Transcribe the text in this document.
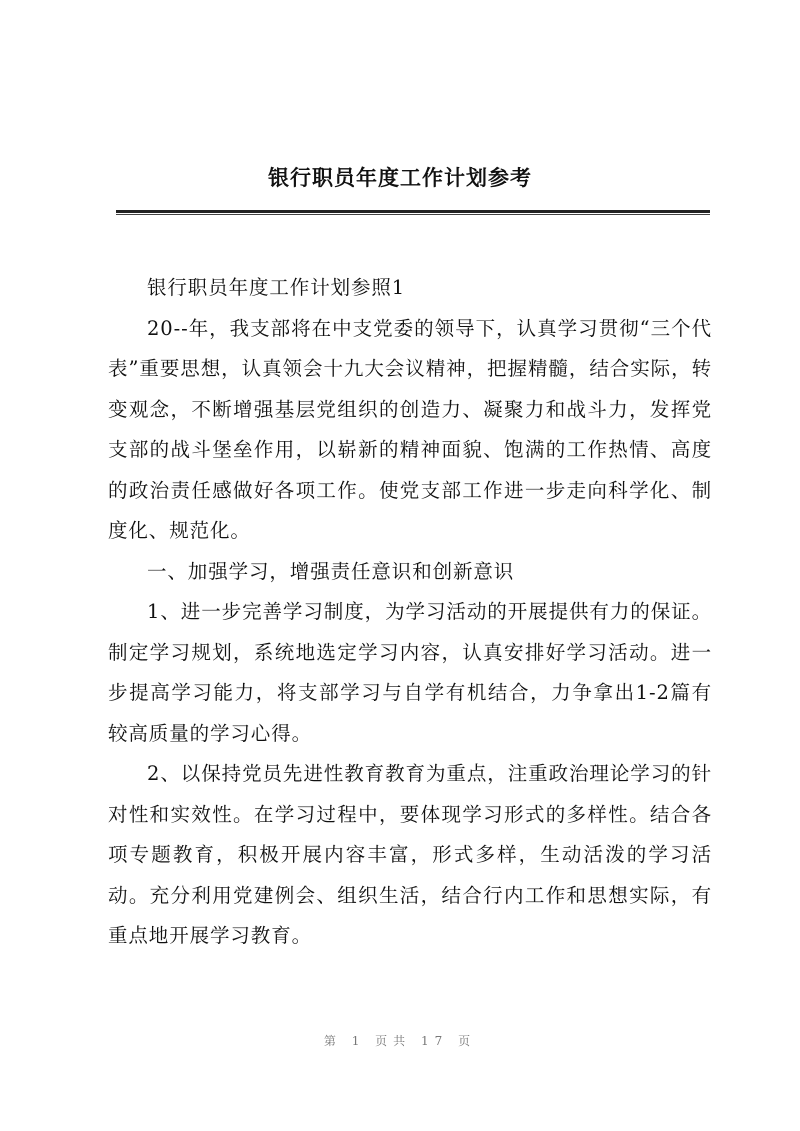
银行职员年度工作计划参考

银行职员年度工作计划参照1

20--年，我支部将在中支党委的领导下，认真学习贯彻“三个代表”重要思想，认真领会十九大会议精神，把握精髓，结合实际，转变观念，不断增强基层党组织的创造力、凝聚力和战斗力，发挥党支部的战斗堡垒作用，以崭新的精神面貌、饱满的工作热情、高度的政治责任感做好各项工作。使党支部工作进一步走向科学化、制度化、规范化。

一、加强学习，增强责任意识和创新意识

1、进一步完善学习制度，为学习活动的开展提供有力的保证。制定学习规划，系统地选定学习内容，认真安排好学习活动。进一步提高学习能力，将支部学习与自学有机结合，力争拿出1-2篇有较高质量的学习心得。

2、以保持党员先进性教育教育为重点，注重政治理论学习的针对性和实效性。在学习过程中，要体现学习形式的多样性。结合各项专题教育，积极开展内容丰富，形式多样，生动活泼的学习活动。充分利用党建例会、组织生活，结合行内工作和思想实际，有重点地开展学习教育。

第 1 页共 17 页
